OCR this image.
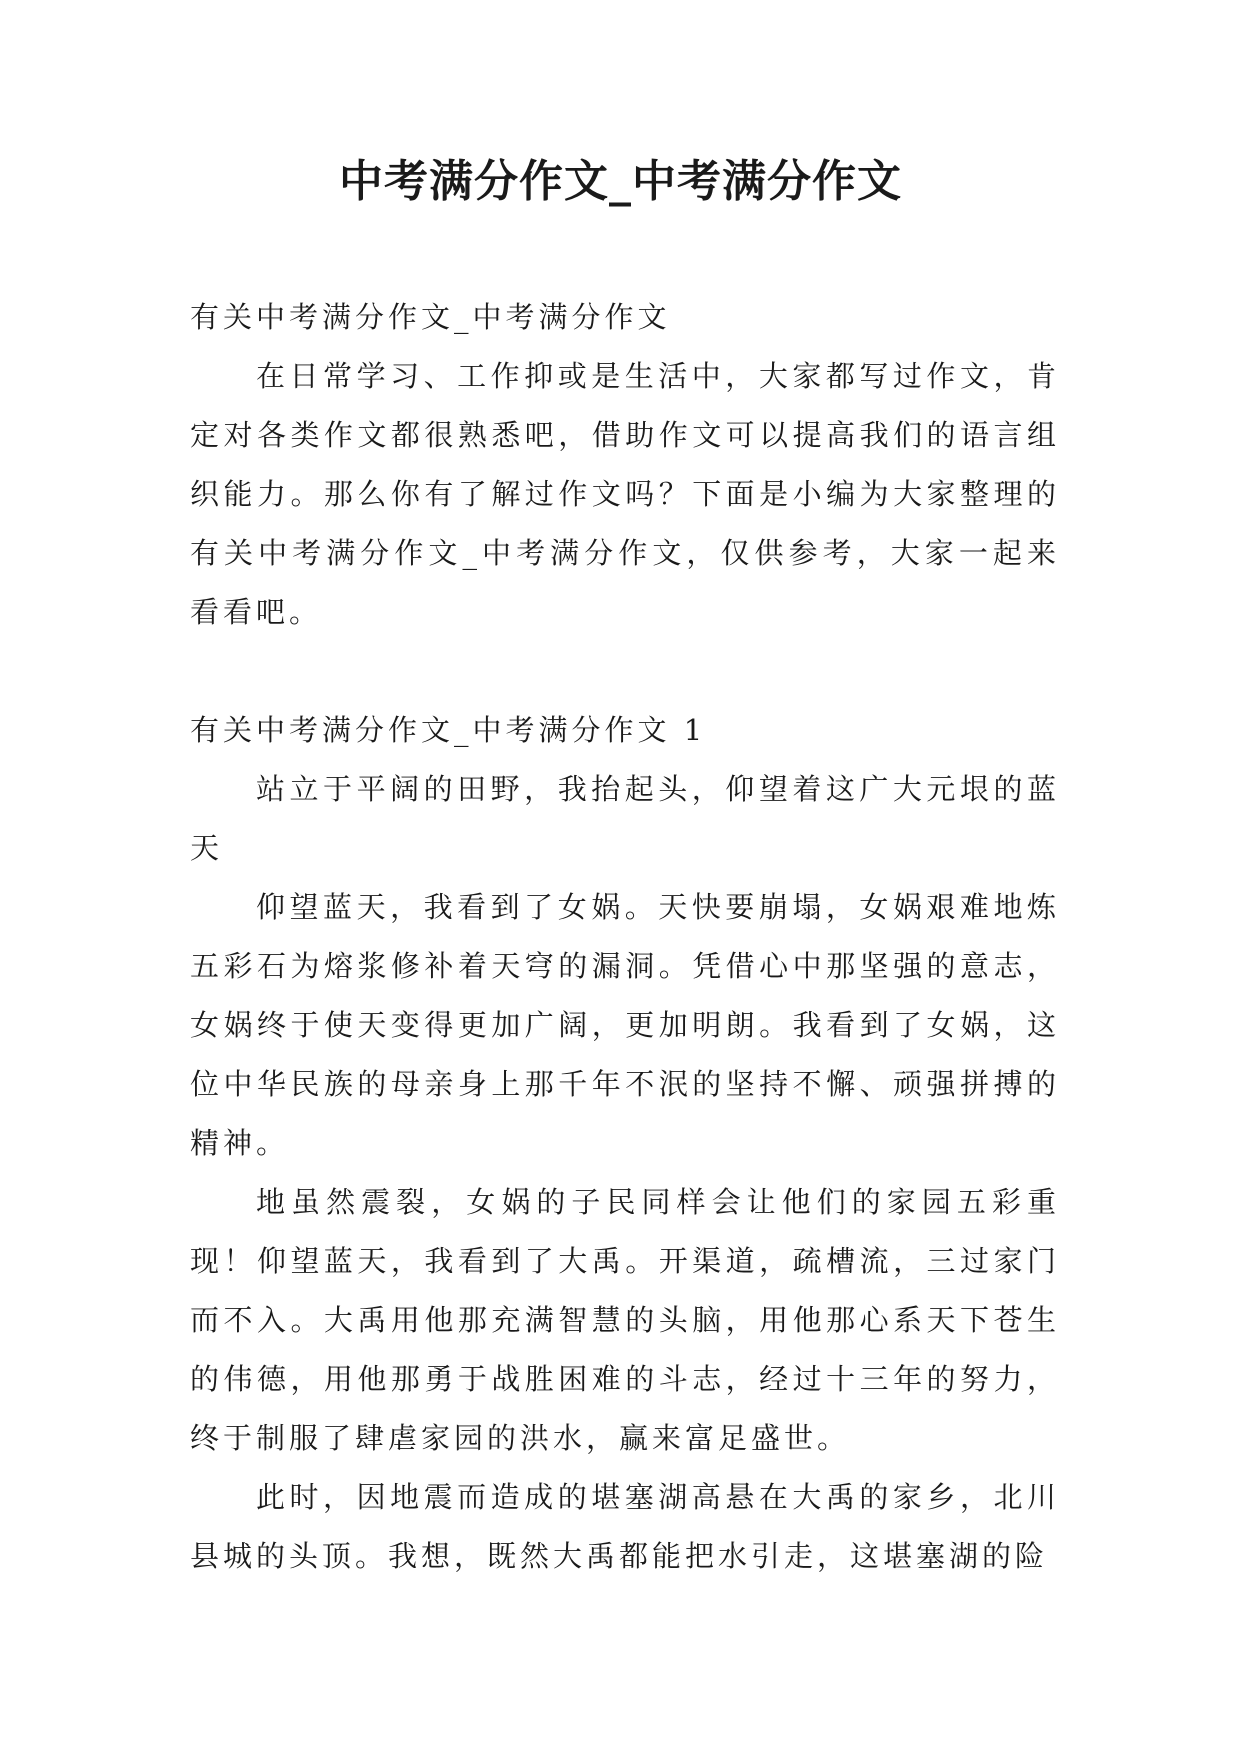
中考满分作文_中考满分作文

有关中考满分作文_中考满分作文

在日常学习、工作抑或是生活中，大家都写过作文，肯定对各类作文都很熟悉吧，借助作文可以提高我们的语言组织能力。那么你有了解过作文吗？下面是小编为大家整理的有关中考满分作文_中考满分作文，仅供参考，大家一起来看看吧。

有关中考满分作文_中考满分作文 1

站立于平阔的田野，我抬起头，仰望着这广大元垠的蓝天

仰望蓝天，我看到了女娲。天快要崩塌，女娲艰难地炼五彩石为熔浆修补着天穹的漏洞。凭借心中那坚强的意志，女娲终于使天变得更加广阔，更加明朗。我看到了女娲，这位中华民族的母亲身上那千年不泯的坚持不懈、顽强拼搏的精神。

地虽然震裂，女娲的子民同样会让他们的家园五彩重现！仰望蓝天，我看到了大禹。开渠道，疏槽流，三过家门而不入。大禹用他那充满智慧的头脑，用他那心系天下苍生的伟德，用他那勇于战胜困难的斗志，经过十三年的努力，终于制服了肆虐家园的洪水，赢来富足盛世。

此时，因地震而造成的堪塞湖高悬在大禹的家乡，北川县城的头顶。我想，既然大禹都能把水引走，这堪塞湖的险
